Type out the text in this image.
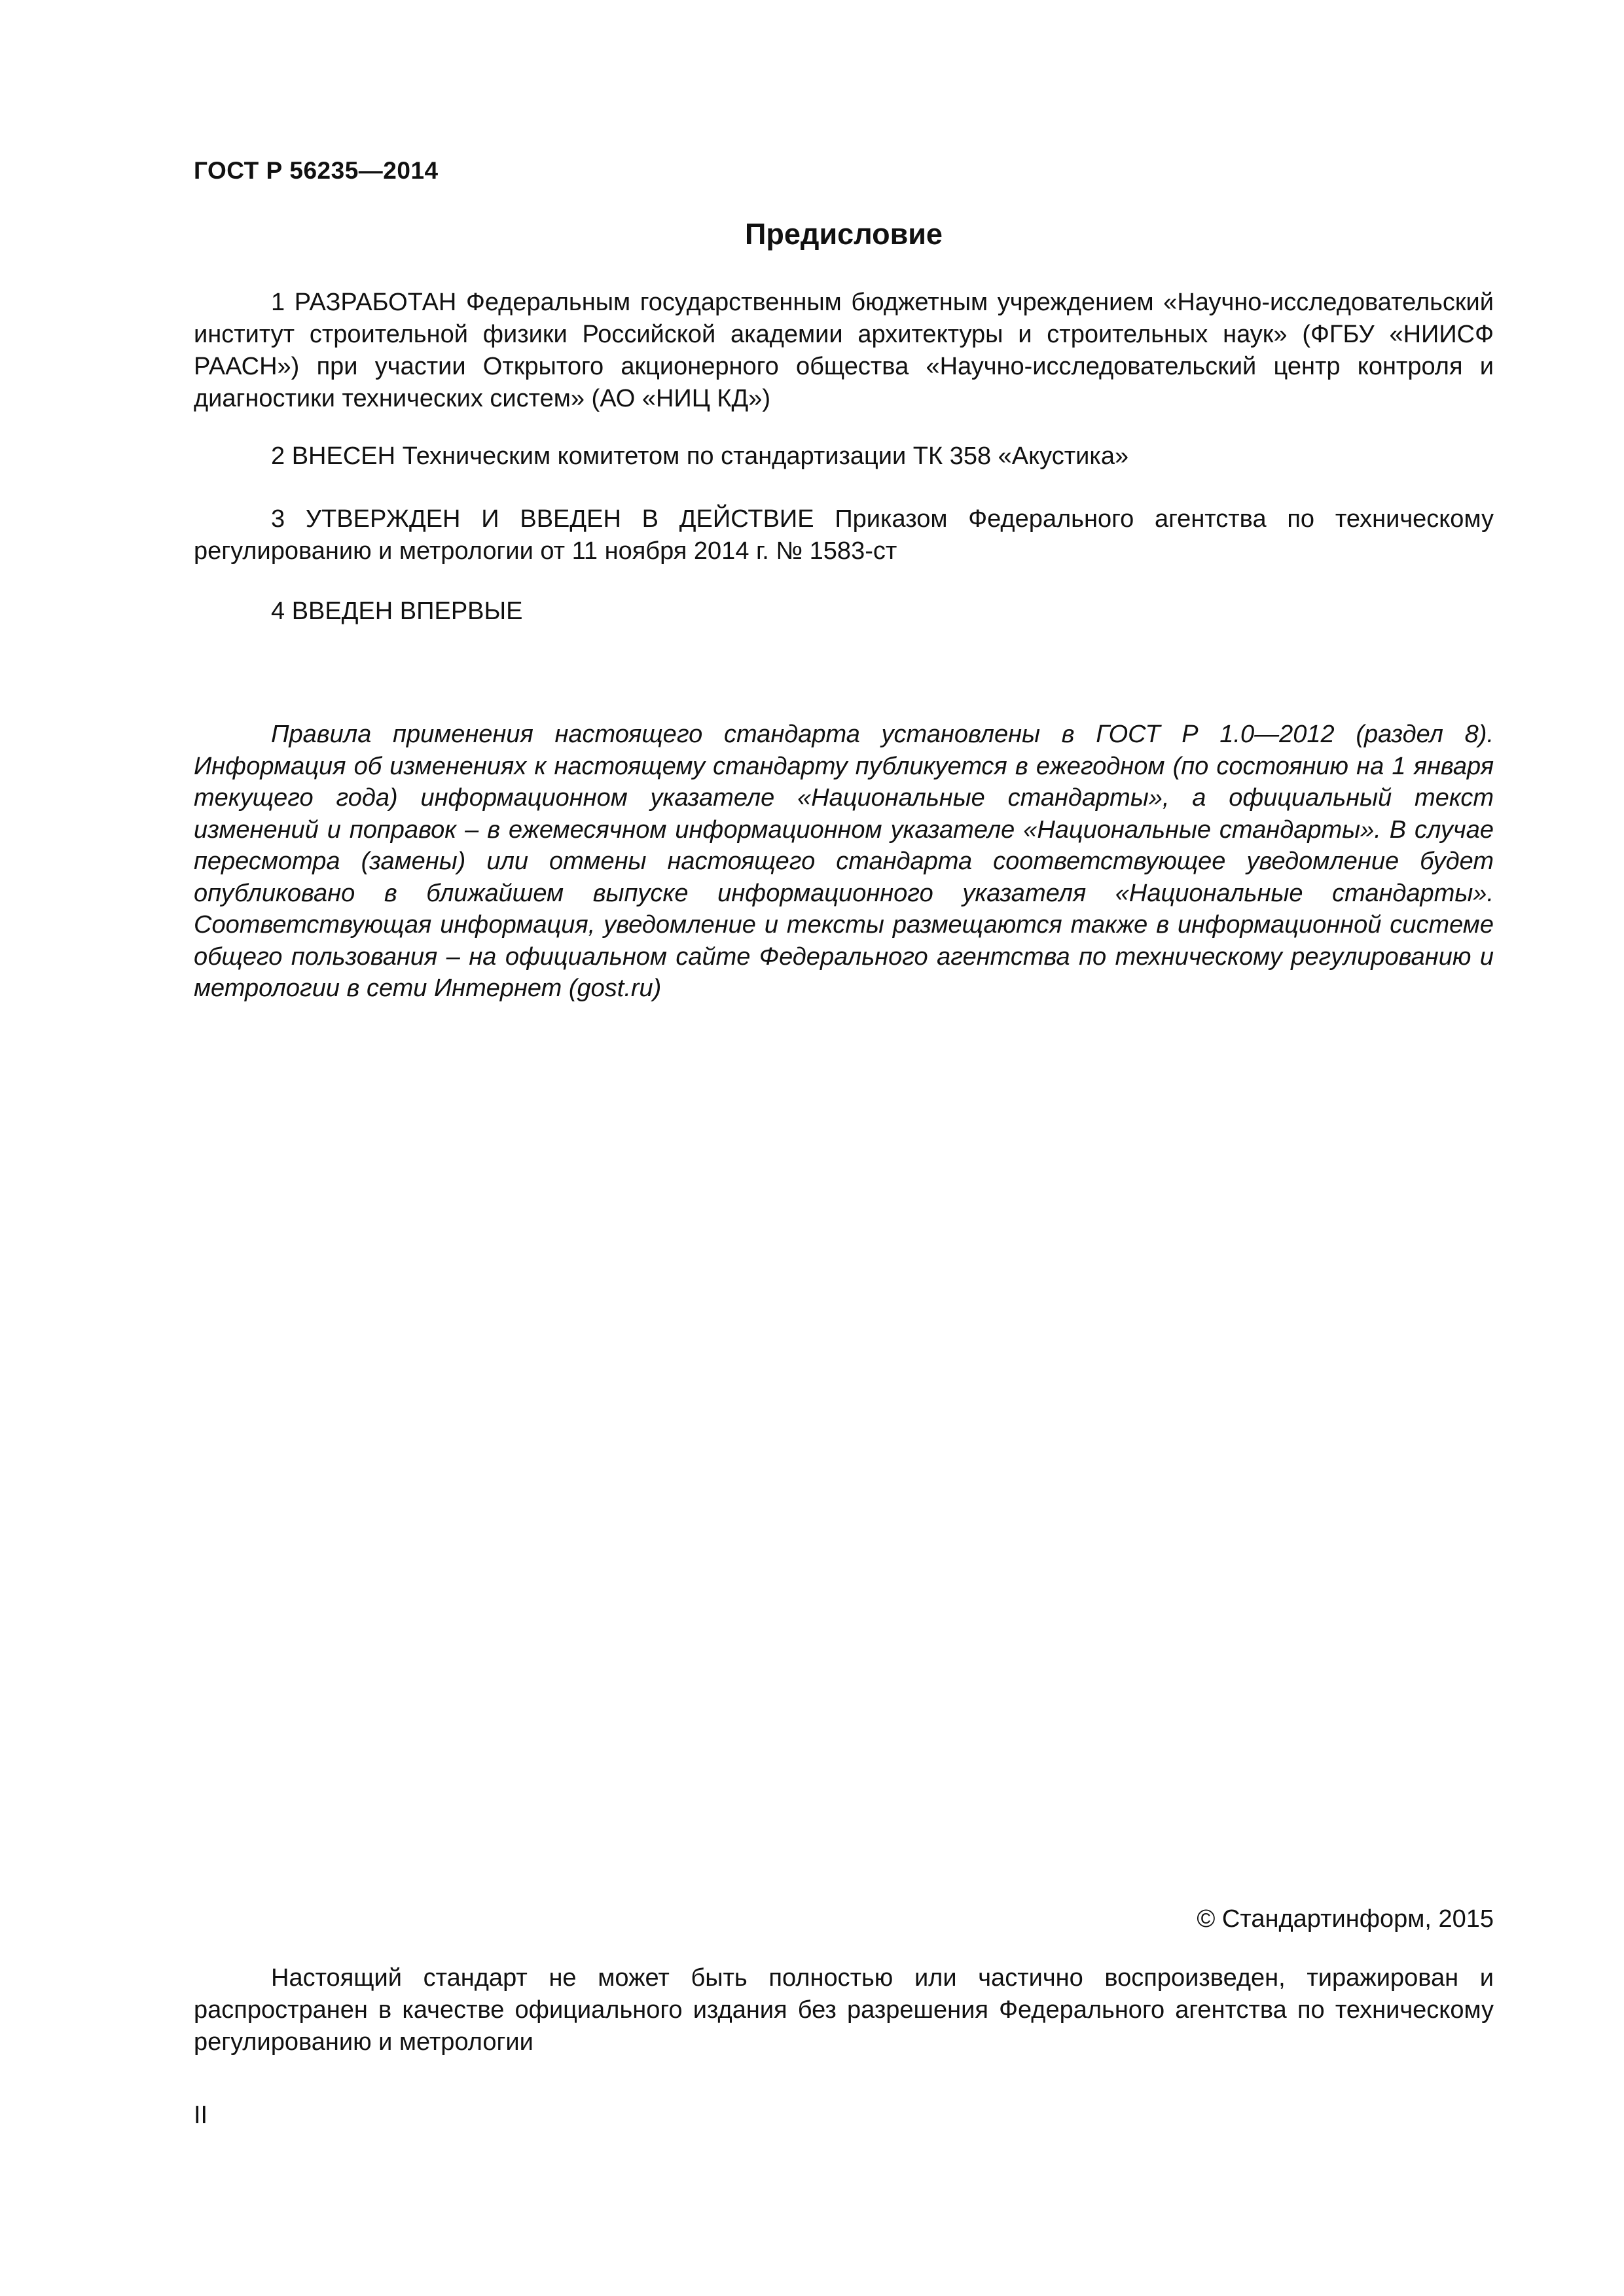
ГОСТ Р 56235—2014
Предисловие

1 РАЗРАБОТАН Федеральным государственным бюджетным учреждением «Научно-исследовательский институт строительной физики Российской академии архитектуры и строительных наук» (ФГБУ «НИИСФ РААСН») при участии Открытого акционерного общества «Научно-исследовательский центр контроля и диагностики технических систем» (АО «НИЦ КД»)

2 ВНЕСЕН Техническим комитетом по стандартизации ТК 358 «Акустика»

3 УТВЕРЖДЕН И ВВЕДЕН В ДЕЙСТВИЕ Приказом Федерального агентства по техническому регулированию и метрологии от 11 ноября 2014 г. № 1583-ст

4 ВВЕДЕН ВПЕРВЫЕ

Правила применения настоящего стандарта установлены в ГОСТ Р 1.0—2012 (раздел 8). Информация об изменениях к настоящему стандарту публикуется в ежегодном (по состоянию на 1 января текущего года) информационном указателе «Национальные стандарты», а официальный текст изменений и поправок – в ежемесячном информационном указателе «Национальные стандарты». В случае пересмотра (замены) или отмены настоящего стандарта соответствующее уведомление будет опубликовано в ближайшем выпуске информационного указателя «Национальные стандарты». Соответствующая информация, уведомление и тексты размещаются также в информационной системе общего пользования – на официальном сайте Федерального агентства по техническому регулированию и метрологии в сети Интернет (gost.ru)

© Стандартинформ, 2015

Настоящий стандарт не может быть полностью или частично воспроизведен, тиражирован и распространен в качестве официального издания без разрешения Федерального агентства по техническому регулированию и метрологии

II
